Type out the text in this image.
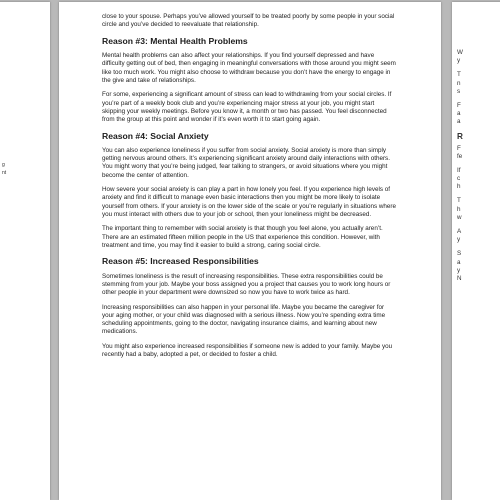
g
nt

close to your spouse. Perhaps you’ve allowed yourself to be treated poorly by some people in your social circle and you’ve decided to reevaluate that relationship.

Reason #3: Mental Health Problems

Mental health problems can also affect your relationships. If you find yourself depressed and have difficulty getting out of bed, then engaging in meaningful conversations with those around you might seem like too much work. You might also choose to withdraw because you don’t have the energy to engage in the give and take of relationships.

For some, experiencing a significant amount of stress can lead to withdrawing from your social circles. If you’re part of a weekly book club and you’re experiencing major stress at your job, you might start skipping your weekly meetings. Before you know it, a month or two has passed. You feel disconnected from the group at this point and wonder if it’s even worth it to start going again.

Reason #4: Social Anxiety

You can also experience loneliness if you suffer from social anxiety. Social anxiety is more than simply getting nervous around others. It’s experiencing significant anxiety around daily interactions with others. You might worry that you’re being judged, fear talking to strangers, or avoid situations where you might become the center of attention.

How severe your social anxiety is can play a part in how lonely you feel. If you experience high levels of anxiety and find it difficult to manage even basic interactions then you might be more likely to isolate yourself from others. If your anxiety is on the lower side of the scale or you’re regularly in situations where you must interact with others due to your job or school, then your loneliness might be decreased.

The important thing to remember with social anxiety is that though you feel alone, you actually aren’t. There are an estimated fifteen million people in the US that experience this condition. However, with treatment and time, you may find it easier to build a strong, caring social circle.

Reason #5: Increased Responsibilities

Sometimes loneliness is the result of increasing responsibilities. These extra responsibilities could be stemming from your job. Maybe your boss assigned you a project that causes you to work long hours or other people in your department were downsized so now you have to work twice as hard.

Increasing responsibilities can also happen in your personal life. Maybe you became the caregiver for your aging mother, or your child was diagnosed with a serious illness. Now you’re spending extra time scheduling appointments, going to the doctor, navigating insurance claims, and learning about new medications.

You might also experience increased responsibilities if someone new is added to your family. Maybe you recently had a baby, adopted a pet, or decided to foster a child.

W
y
T
n
s
F
a
a
R
F
fe
If
c
h
T
h
w
A
y
S
a
y
N
